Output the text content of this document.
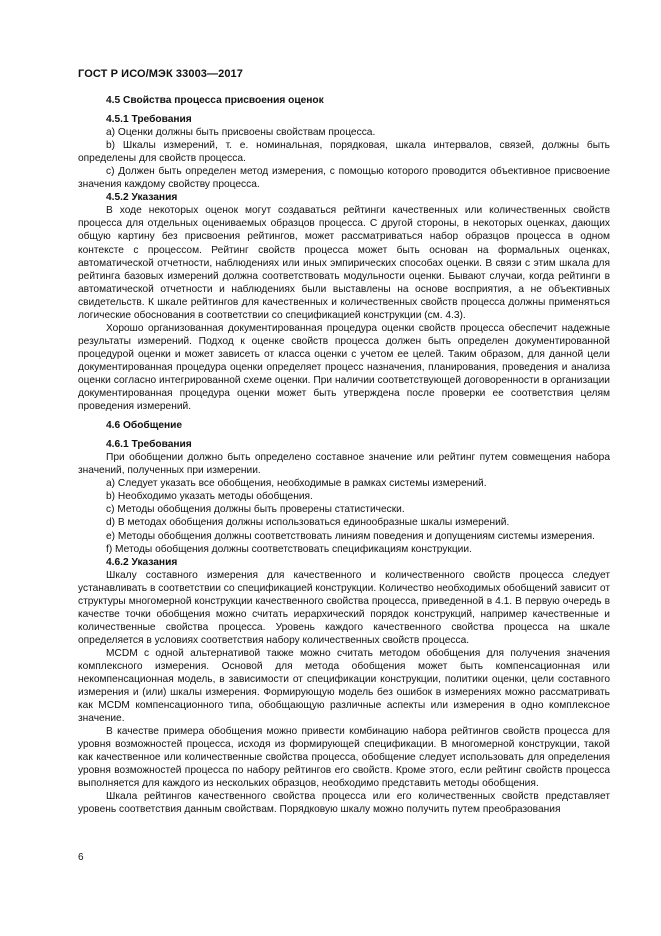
ГОСТ Р ИСО/МЭК 33003—2017

4.5 Свойства процесса присвоения оценок

4.5.1 Требования

a) Оценки должны быть присвоены свойствам процесса.

b) Шкалы измерений, т. е. номинальная, порядковая, шкала интервалов, связей, должны быть определены для свойств процесса.

c) Должен быть определен метод измерения, с помощью которого проводится объективное присвоение значения каждому свойству процесса.

4.5.2 Указания

В ходе некоторых оценок могут создаваться рейтинги качественных или количественных свойств процесса для отдельных оцениваемых образцов процесса. С другой стороны, в некоторых оценках, дающих общую картину без присвоения рейтингов, может рассматриваться набор образцов процесса в одном контексте с процессом. Рейтинг свойств процесса может быть основан на формальных оценках, автоматической отчетности, наблюдениях или иных эмпирических способах оценки. В связи с этим шкала для рейтинга базовых измерений должна соответствовать модульности оценки. Бывают случаи, когда рейтинги в автоматической отчетности и наблюдениях были выставлены на основе восприятия, а не объективных свидетельств. К шкале рейтингов для качественных и количественных свойств процесса должны применяться логические обоснования в соответствии со спецификацией конструкции (см. 4.3).

Хорошо организованная документированная процедура оценки свойств процесса обеспечит надежные результаты измерений. Подход к оценке свойств процесса должен быть определен документированной процедурой оценки и может зависеть от класса оценки с учетом ее целей. Таким образом, для данной цели документированная процедура оценки определяет процесс назначения, планирования, проведения и анализа оценки согласно интегрированной схеме оценки. При наличии соответствующей договоренности в организации документированная процедура оценки может быть утверждена после проверки ее соответствия целям проведения измерений.

4.6 Обобщение

4.6.1 Требования

При обобщении должно быть определено составное значение или рейтинг путем совмещения набора значений, полученных при измерении.

a) Следует указать все обобщения, необходимые в рамках системы измерений.

b) Необходимо указать методы обобщения.

c) Методы обобщения должны быть проверены статистически.

d) В методах обобщения должны использоваться единообразные шкалы измерений.

e) Методы обобщения должны соответствовать линиям поведения и допущениям системы измерения.

f) Методы обобщения должны соответствовать спецификациям конструкции.

4.6.2 Указания

Шкалу составного измерения для качественного и количественного свойств процесса следует устанавливать в соответствии со спецификацией конструкции. Количество необходимых обобщений зависит от структуры многомерной конструкции качественного свойства процесса, приведенной в 4.1. В первую очередь в качестве точки обобщения можно считать иерархический порядок конструкций, например качественные и количественные свойства процесса. Уровень каждого качественного свойства процесса на шкале определяется в условиях соответствия набору количественных свойств процесса.

MCDM с одной альтернативой также можно считать методом обобщения для получения значения комплексного измерения. Основой для метода обобщения может быть компенсационная или некомпенсационная модель, в зависимости от спецификации конструкции, политики оценки, цели составного измерения и (или) шкалы измерения. Формирующую модель без ошибок в измерениях можно рассматривать как MCDM компенсационного типа, обобщающую различные аспекты или измерения в одно комплексное значение.

В качестве примера обобщения можно привести комбинацию набора рейтингов свойств процесса для уровня возможностей процесса, исходя из формирующей спецификации. В многомерной конструкции, такой как качественное или количественные свойства процесса, обобщение следует использовать для определения уровня возможностей процесса по набору рейтингов его свойств. Кроме этого, если рейтинг свойств процесса выполняется для каждого из нескольких образцов, необходимо представить методы обобщения.

Шкала рейтингов качественного свойства процесса или его количественных свойств представляет уровень соответствия данным свойствам. Порядковую шкалу можно получить путем преобразования

6
